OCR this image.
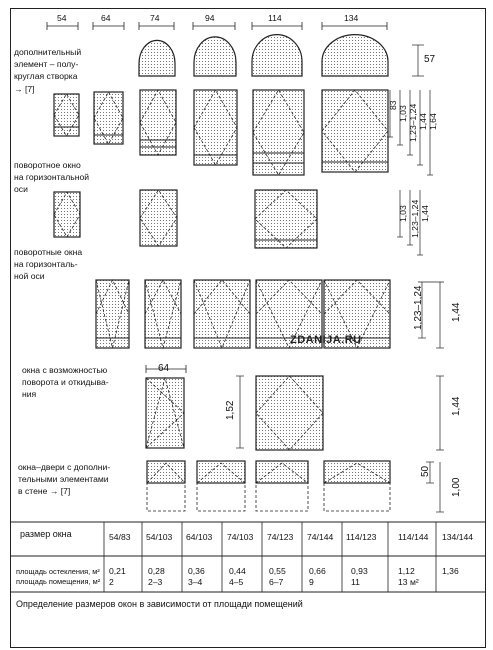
54	64	74	94	114	134
дополнительный
элемент – полу-
круглая створка
→ [7]
поворотное окно
на горизонтальной
оси
поворотные окна
на горизонталь-
ной оси
окна с возможностью
поворота и откидыва-
ния
окна–двери с дополни-
тельными элементами
в стене → [7]
57
83
1,03 1,23–1,24 1,44 1,64
1,03 1,23–1,24 1,44
1,23–1,24	1,44
64
1,52	1,44
50
1,00
размер окна	54/83 54/103 64/103 74/103 74/123 74/144 114/123	114/144 134/144
площадь остекления, м²
площадь помещения, м²
0,21	0,28	0,36	0,44	0,55	0,66	0,93	1,12	1,36
2	2–3	3–4	4–5	6–7	9	11	13 м²
Определение размеров окон в зависимости от площади помещений
ZDANIJA.RU
